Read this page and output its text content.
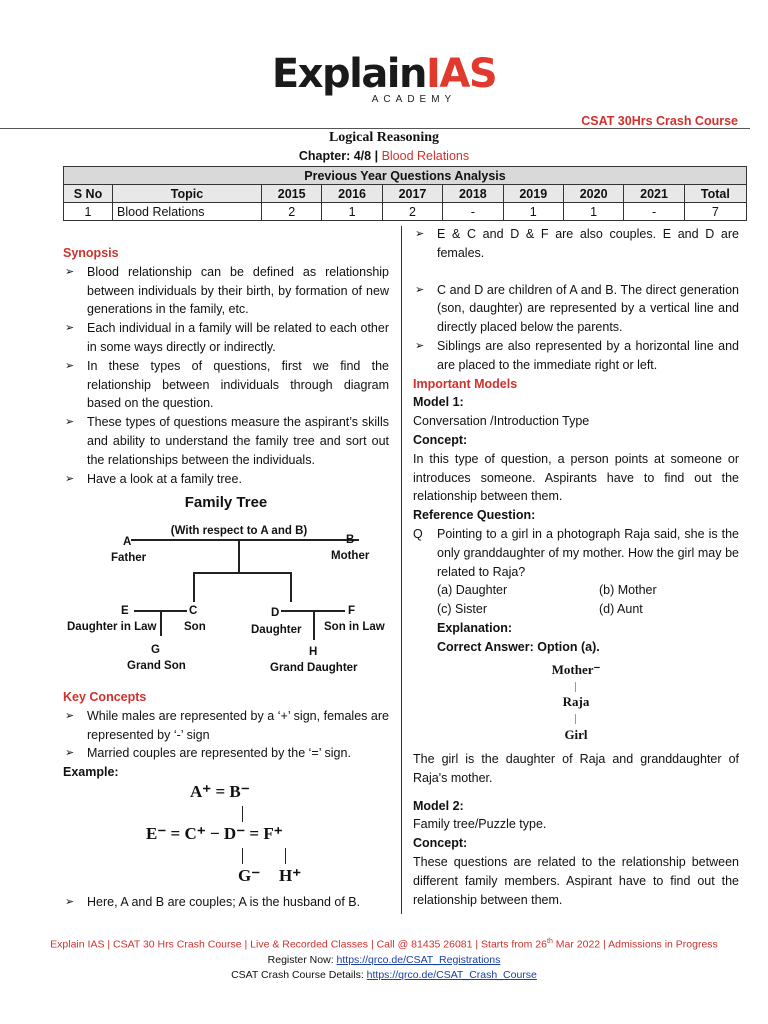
ExplainIAS
ACADEMY
CSAT 30Hrs Crash Course
Logical Reasoning
Chapter: 4/8 | Blood Relations
Previous Year Questions Analysis									
S No	Topic	2015	2016	2017	2018	2019	2020	2021	Total
1	Blood Relations	2	1	2	-	1	1	-	7

Synopsis

➢ Blood relationship can be defined as relationship between individuals by their birth, by formation of new generations in the family, etc.

➢ Each individual in a family will be related to each other in some ways directly or indirectly.

➢ In these types of questions, first we find the relationship between individuals through diagram based on the question.

➢ These types of questions measure the aspirant’s skills and ability to understand the family tree and sort out the relationships between the individuals.

➢ Have a look at a family tree.

Family Tree
(With respect to A and B)
A
Father
B
Mother
E
Daughter in Law
C
Son
D
Daughter
F
Son in Law
G
Grand Son
H
Grand Daughter

Key Concepts

➢ While males are represented by a ‘+’ sign, females are represented by ‘-’ sign

➢ Married couples are represented by the ‘=’ sign.

Example:

A⁺ = B⁻
E⁻ = C⁺ − D⁻ = F⁺
G⁻ H⁺

➢ Here, A and B are couples; A is the husband of B.

➢ E & C and D & F are also couples. E and D are females.

➢ C and D are children of A and B. The direct generation (son, daughter) are represented by a vertical line and directly placed below the parents.

➢ Siblings are also represented by a horizontal line and are placed to the immediate right or left.

Important Models

Model 1:

Conversation /Introduction Type

Concept:

In this type of question, a person points at someone or introduces someone. Aspirants have to find out the relationship between them.

Reference Question:

Q Pointing to a girl in a photograph Raja said, she is the only granddaughter of my mother. How the girl may be related to Raja?
(a) Daughter	(b) Mother
(c) Sister	(d) Aunt

Explanation:

Correct Answer: Option (a).

Mother⁻
Raja
Girl

The girl is the daughter of Raja and granddaughter of Raja's mother.

Model 2:

Family tree/Puzzle type.

Concept:

These questions are related to the relationship between different family members. Aspirant have to find out the relationship between them.

Explain IAS | CSAT 30 Hrs Crash Course | Live & Recorded Classes | Call @ 81435 26081 | Starts from 26th Mar 2022 | Admissions in Progress
Register Now: https://qrco.de/CSAT_Registrations
CSAT Crash Course Details: https://qrco.de/CSAT_Crash_Course
